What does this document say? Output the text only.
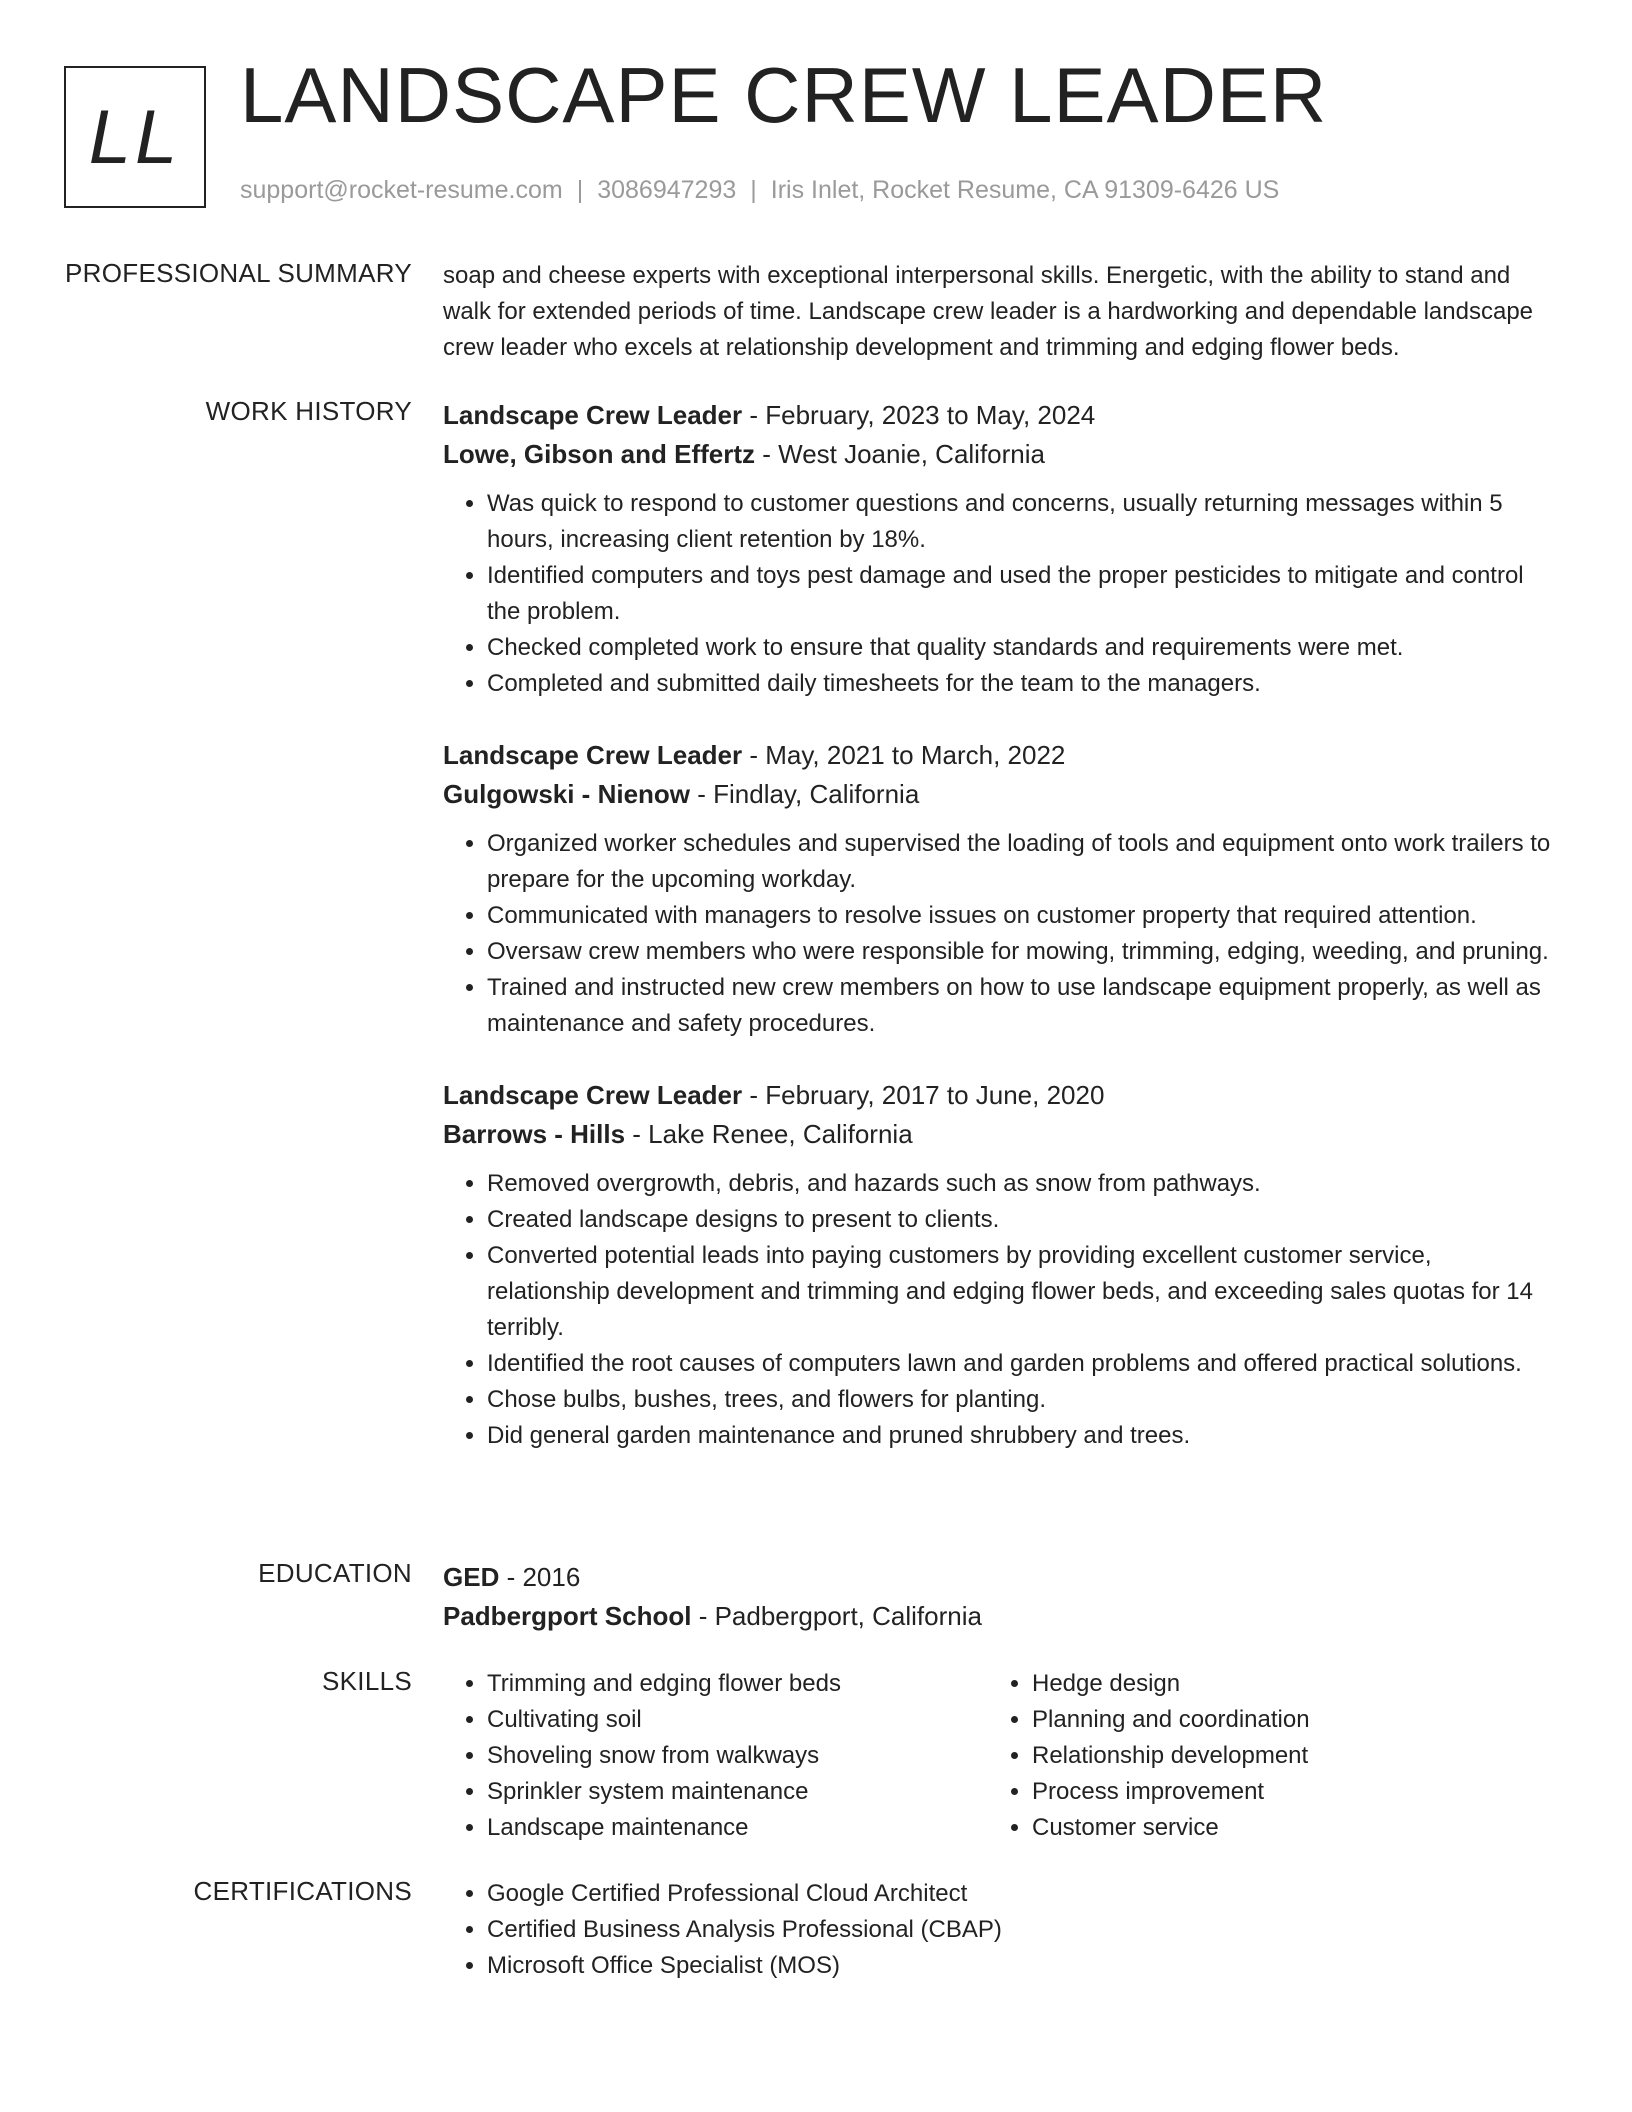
LL LANDSCAPE CREW LEADER
support@rocket-resume.com | 3086947293 | Iris Inlet, Rocket Resume, CA 91309-6426 US
PROFESSIONAL SUMMARY soap and cheese experts with exceptional interpersonal skills. Energetic, with the ability to stand and walk for extended periods of time. Landscape crew leader is a hardworking and dependable landscape crew leader who excels at relationship development and trimming and edging flower beds.

WORK HISTORY Landscape Crew Leader - February, 2023 to May, 2024
Lowe, Gibson and Effertz - West Joanie, California
• Was quick to respond to customer questions and concerns, usually returning messages within 5 hours, increasing client retention by 18%.
• Identified computers and toys pest damage and used the proper pesticides to mitigate and control the problem.
• Checked completed work to ensure that quality standards and requirements were met.
• Completed and submitted daily timesheets for the team to the managers.
Landscape Crew Leader - May, 2021 to March, 2022
Gulgowski - Nienow - Findlay, California
• Organized worker schedules and supervised the loading of tools and equipment onto work trailers to prepare for the upcoming workday.
• Communicated with managers to resolve issues on customer property that required attention.
• Oversaw crew members who were responsible for mowing, trimming, edging, weeding, and pruning.
• Trained and instructed new crew members on how to use landscape equipment properly, as well as maintenance and safety procedures.
Landscape Crew Leader - February, 2017 to June, 2020
Barrows - Hills - Lake Renee, California
• Removed overgrowth, debris, and hazards such as snow from pathways.
• Created landscape designs to present to clients.
• Converted potential leads into paying customers by providing excellent customer service, relationship development and trimming and edging flower beds, and exceeding sales quotas for 14 terribly.
• Identified the root causes of computers lawn and garden problems and offered practical solutions.
• Chose bulbs, bushes, trees, and flowers for planting.
• Did general garden maintenance and pruned shrubbery and trees.
EDUCATION GED - 2016
Padbergport School - Padbergport, California
SKILLS	• Trimming and edging flower beds
• Cultivating soil
• Shoveling snow from walkways
• Sprinkler system maintenance
• Landscape maintenance
• Hedge design
• Planning and coordination
• Relationship development
• Process improvement
• Customer service
CERTIFICATIONS	• Google Certified Professional Cloud Architect
• Certified Business Analysis Professional (CBAP)
• Microsoft Office Specialist (MOS)
